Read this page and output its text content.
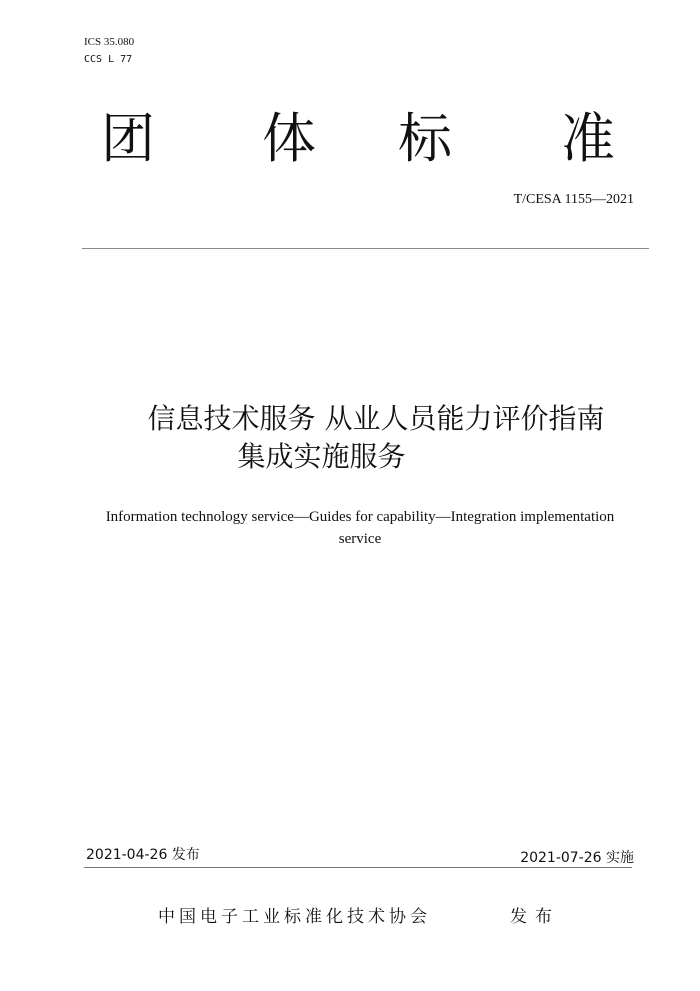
ICS 35.080
CCS L 77
团 体 标 准
T/CESA 1155—2021
信息技术服务 从业人员能力评价指南
集成实施服务
Information technology service—Guides for capability—Integration implementation
service
2021-04-26 发布	2021-07-26 实施
中国电子工业标准化技术协会	发布
